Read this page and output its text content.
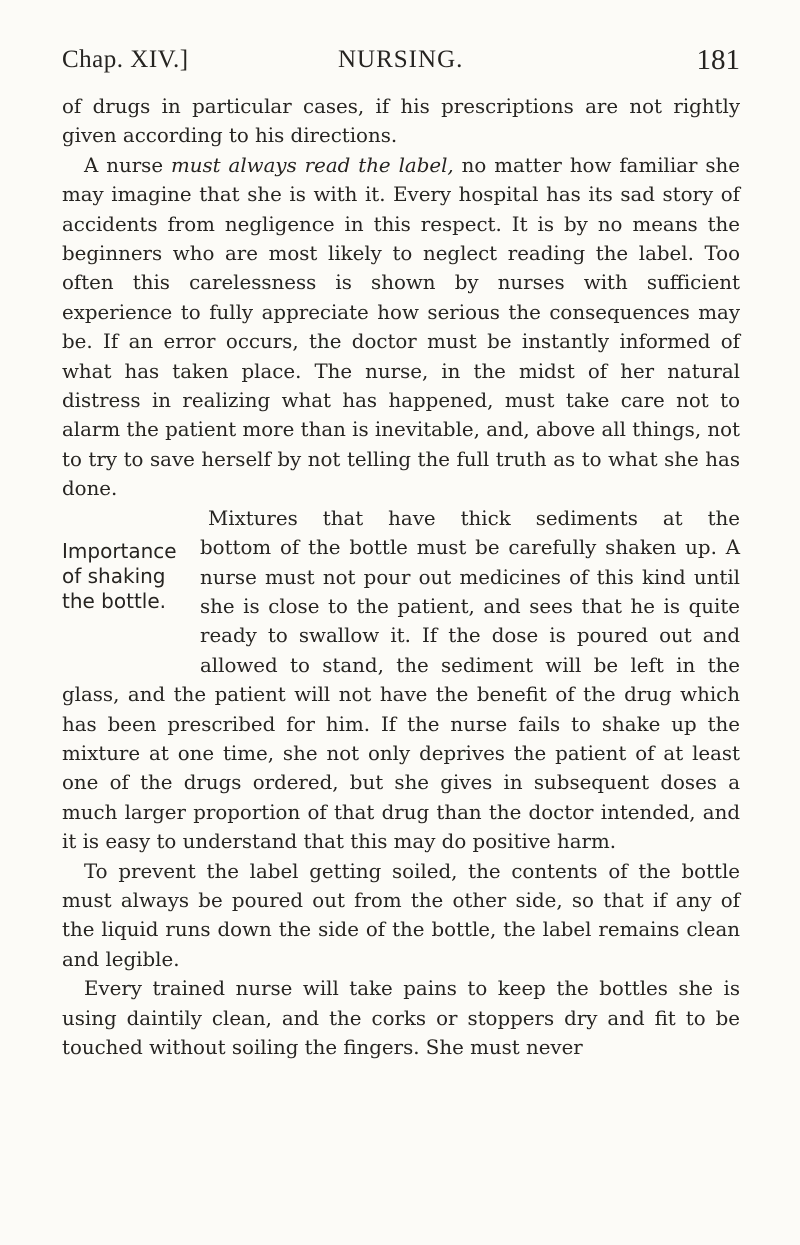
Chap. XIV.]	NURSING.	181

of drugs in particular cases, if his prescriptions are not rightly given according to his directions.

A nurse must always read the label, no matter how familiar she may imagine that she is with it. Every hospital has its sad story of accidents from negligence in this respect. It is by no means the beginners who are most likely to neglect reading the label. Too often this carelessness is shown by nurses with sufficient experience to fully appreciate how serious the consequences may be. If an error occurs, the doctor must be instantly informed of what has taken place. The nurse, in the midst of her natural distress in realizing what has happened, must take care not to alarm the patient more than is inevitable, and, above all things, not to try to save herself by not telling the full truth as to what she has done.

Mixtures that have thick sediments at the
Importance
of shaking
the bottle.

bottom of the bottle must be carefully shaken up. A nurse must not pour out medicines of this kind until she is close to the patient, and sees that he is quite ready to swallow it. If the dose is poured out and allowed to stand, the sediment will be left in the glass, and the patient will not have the benefit of the drug which has been prescribed for him. If the nurse fails to shake up the mixture at one time, she not only deprives the patient of at least one of the drugs ordered, but she gives in subsequent doses a much larger proportion of that drug than the doctor intended, and it is easy to understand that this may do positive harm.

To prevent the label getting soiled, the contents of the bottle must always be poured out from the other side, so that if any of the liquid runs down the side of the bottle, the label remains clean and legible.

Every trained nurse will take pains to keep the bottles she is using daintily clean, and the corks or stoppers dry and fit to be touched without soiling the fingers. She must never
